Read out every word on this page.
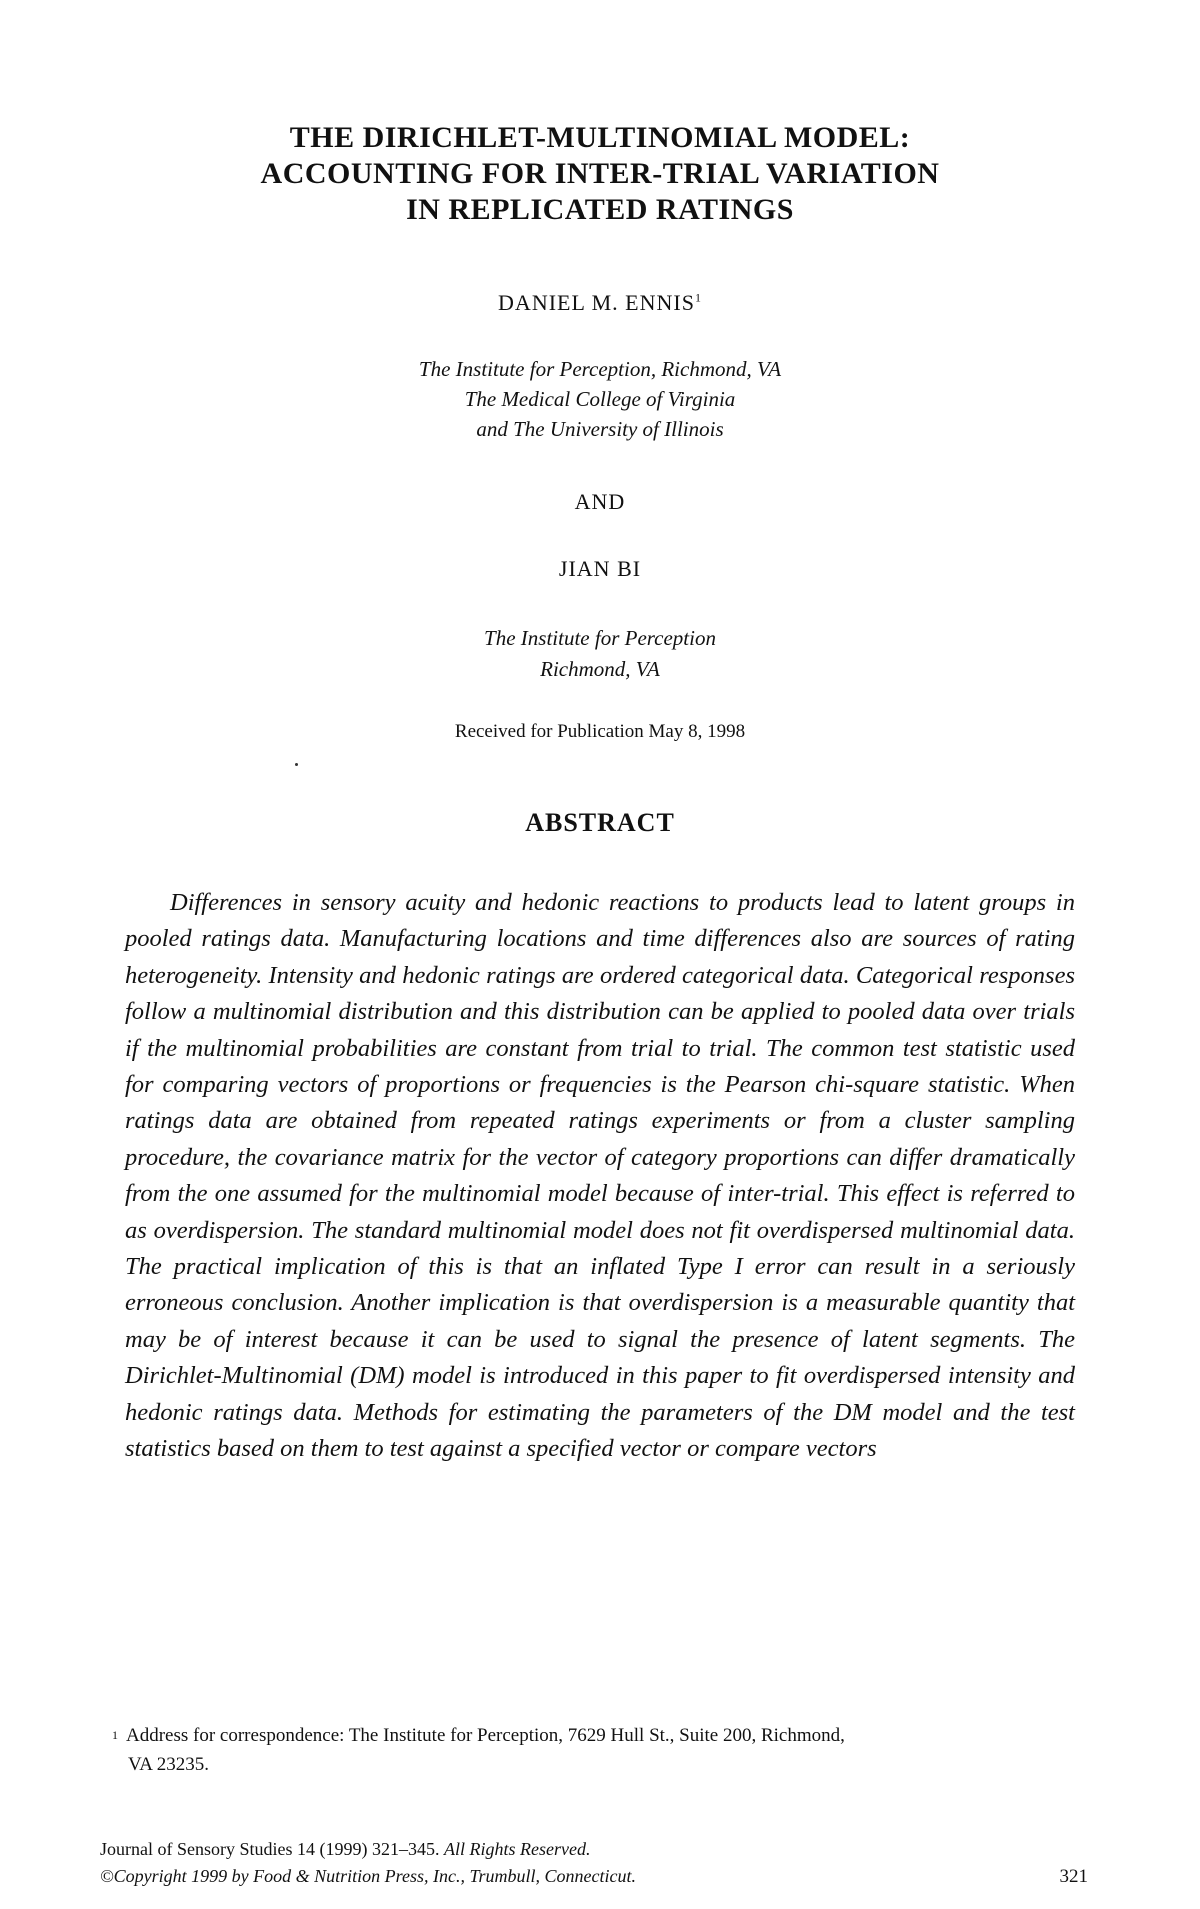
THE DIRICHLET-MULTINOMIAL MODEL:
ACCOUNTING FOR INTER-TRIAL VARIATION
IN REPLICATED RATINGS
DANIEL M. ENNIS$^1$
The Institute for Perception, Richmond, VA
The Medical College of Virginia
and The University of Illinois
AND
JIAN BI
The Institute for Perception
Richmond, VA
Received for Publication May 8, 1998
ABSTRACT
Differences in sensory acuity and hedonic reactions to products lead to latent groups in pooled ratings data. Manufacturing locations and time differences also are sources of rating heterogeneity. Intensity and hedonic ratings are ordered categorical data. Categorical responses follow a multinomial distribution and this distribution can be applied to pooled data over trials if the multinomial probabilities are constant from trial to trial. The common test statistic used for comparing vectors of proportions or frequencies is the Pearson chi-square statistic. When ratings data are obtained from repeated ratings experiments or from a cluster sampling procedure, the covariance matrix for the vector of category proportions can differ dramatically from the one assumed for the multinomial model because of inter-trial. This effect is referred to as overdispersion. The standard multinomial model does not fit overdispersed multinomial data. The practical implication of this is that an inflated Type I error can result in a seriously erroneous conclusion. Another implication is that overdispersion is a measurable quantity that may be of interest because it can be used to signal the presence of latent segments. The Dirichlet-Multinomial (DM) model is introduced in this paper to fit overdispersed intensity and hedonic ratings data. Methods for estimating the parameters of the DM model and the test statistics based on them to test against a specified vector or compare vectors
$^1$ Address for correspondence: The Institute for Perception, 7629 Hull St., Suite 200, Richmond,
VA 23235.
Journal of Sensory Studies 14 (1999) 321–345. All Rights Reserved.
©Copyright 1999 by Food & Nutrition Press, Inc., Trumbull, Connecticut.	321
